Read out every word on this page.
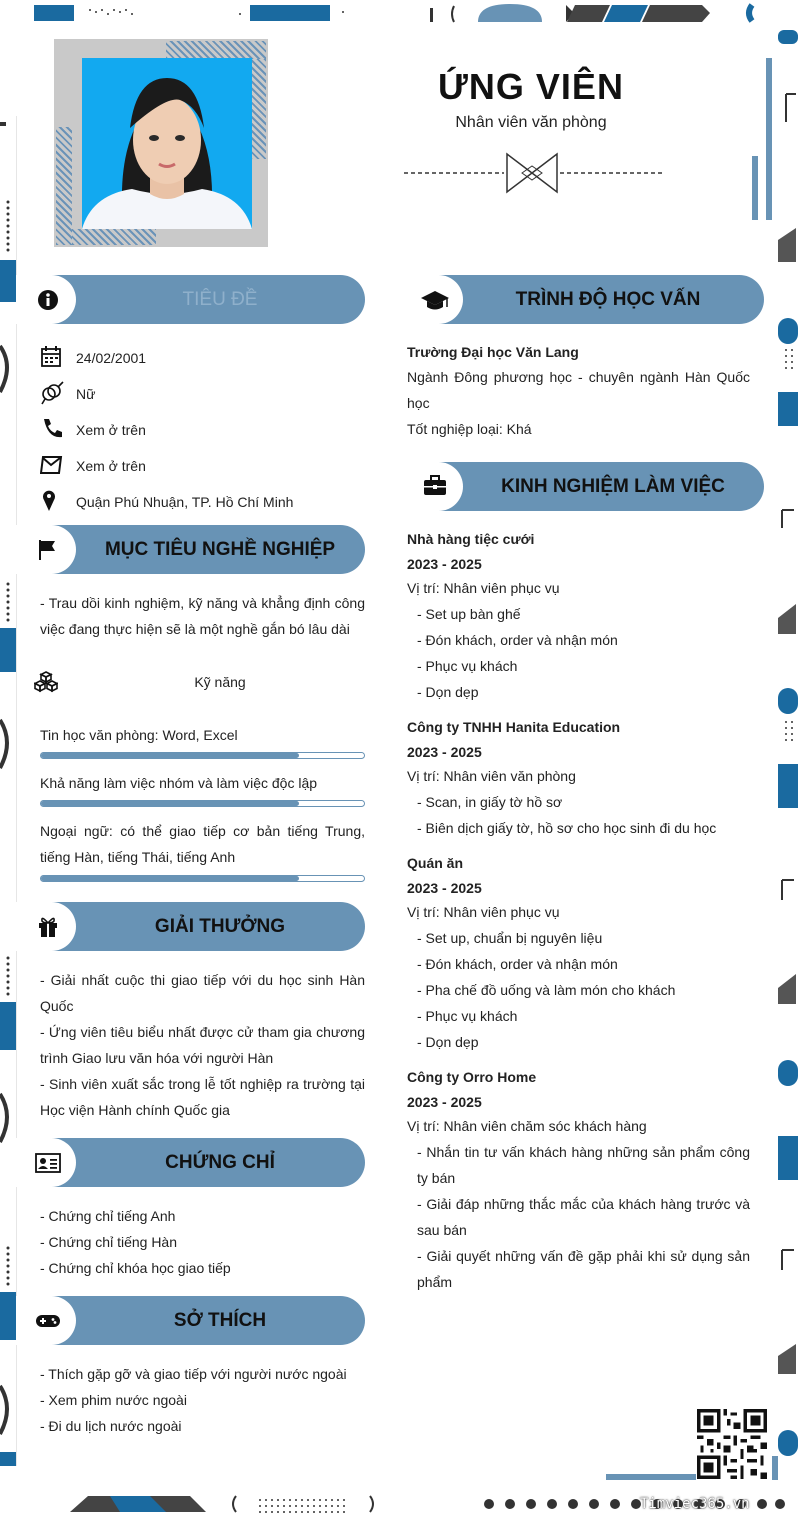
ỨNG VIÊN
Nhân viên văn phòng
TIÊU ĐỀ
24/02/2001
Nữ
Xem ở trên
Xem ở trên
Quận Phú Nhuận, TP. Hồ Chí Minh
MỤC TIÊU NGHỀ NGHIỆP
- Trau dồi kinh nghiệm, kỹ năng và khẳng định công việc đang thực hiện sẽ là một nghề gắn bó lâu dài
Kỹ năng
Tin học văn phòng: Word, Excel
Khả năng làm việc nhóm và làm việc độc lập
Ngoại ngữ: có thể giao tiếp cơ bản tiếng Trung, tiếng Hàn, tiếng Thái, tiếng Anh
GIẢI THƯỞNG
- Giải nhất cuộc thi giao tiếp với du học sinh Hàn Quốc
- Ứng viên tiêu biểu nhất được cử tham gia chương trình Giao lưu văn hóa với người Hàn
- Sinh viên xuất sắc trong lễ tốt nghiệp ra trường tại Học viện Hành chính Quốc gia
CHỨNG CHỈ
- Chứng chỉ tiếng Anh
- Chứng chỉ tiếng Hàn
- Chứng chỉ khóa học giao tiếp
SỞ THÍCH
- Thích gặp gỡ và giao tiếp với người nước ngoài
- Xem phim nước ngoài
- Đi du lịch nước ngoài
TRÌNH ĐỘ HỌC VẤN
Trường Đại học Văn Lang
Ngành Đông phương học - chuyên ngành Hàn Quốc học
Tốt nghiệp loại: Khá
KINH NGHIỆM LÀM VIỆC
Nhà hàng tiệc cưới
2023 - 2025
Vị trí: Nhân viên phục vụ
- Set up bàn ghế
- Đón khách, order và nhận món
- Phục vụ khách
- Dọn dẹp
Công ty TNHH Hanita Education
2023 - 2025
Vị trí: Nhân viên văn phòng
- Scan, in giấy tờ hồ sơ
- Biên dịch giấy tờ, hồ sơ cho học sinh đi du học
Quán ăn
2023 - 2025
Vị trí: Nhân viên phục vụ
- Set up, chuẩn bị nguyên liệu
- Đón khách, order và nhận món
- Pha chế đồ uống và làm món cho khách
- Phục vụ khách
- Dọn dẹp
Công ty Orro Home
2023 - 2025
Vị trí: Nhân viên chăm sóc khách hàng
- Nhắn tin tư vấn khách hàng những sản phẩm công ty bán
- Giải đáp những thắc mắc của khách hàng trước và sau bán
- Giải quyết những vấn đề gặp phải khi sử dụng sản phẩm
Timviec365.vn
